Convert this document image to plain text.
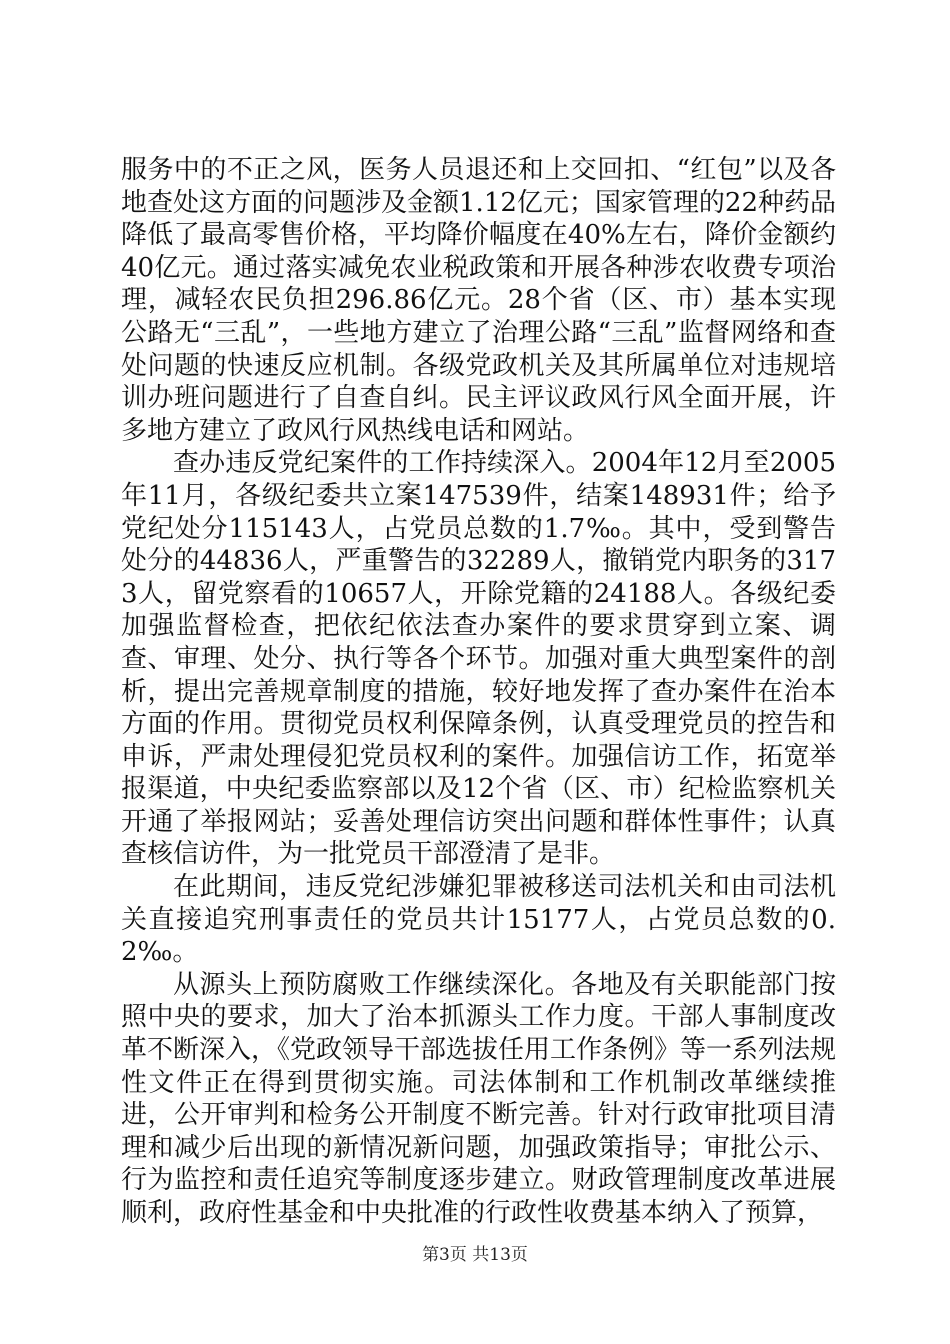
服务中的不正之风，医务人员退还和上交回扣、“红包”以及各地查处这方面的问题涉及金额1.12亿元；国家管理的22种药品降低了最高零售价格，平均降价幅度在40%左右，降价金额约40亿元。通过落实减免农业税政策和开展各种涉农收费专项治理，减轻农民负担296.86亿元。28个省（区、市）基本实现公路无“三乱”，一些地方建立了治理公路“三乱”监督网络和查处问题的快速反应机制。各级党政机关及其所属单位对违规培训办班问题进行了自查自纠。民主评议政风行风全面开展，许多地方建立了政风行风热线电话和网站。

查办违反党纪案件的工作持续深入。2004年12月至2005年11月，各级纪委共立案147539件，结案148931件；给予党纪处分115143人，占党员总数的1.7‰。其中，受到警告处分的44836人，严重警告的32289人，撤销党内职务的3173人，留党察看的10657人，开除党籍的24188人。各级纪委加强监督检查，把依纪依法查办案件的要求贯穿到立案、调查、审理、处分、执行等各个环节。加强对重大典型案件的剖析，提出完善规章制度的措施，较好地发挥了查办案件在治本方面的作用。贯彻党员权利保障条例，认真受理党员的控告和申诉，严肃处理侵犯党员权利的案件。加强信访工作，拓宽举报渠道，中央纪委监察部以及12个省（区、市）纪检监察机关开通了举报网站；妥善处理信访突出问题和群体性事件；认真查核信访件，为一批党员干部澄清了是非。

在此期间，违反党纪涉嫌犯罪被移送司法机关和由司法机关直接追究刑事责任的党员共计15177人，占党员总数的0.2‰。

从源头上预防腐败工作继续深化。各地及有关职能部门按照中央的要求，加大了治本抓源头工作力度。干部人事制度改革不断深入，《党政领导干部选拔任用工作条例》等一系列法规性文件正在得到贯彻实施。司法体制和工作机制改革继续推进，公开审判和检务公开制度不断完善。针对行政审批项目清理和减少后出现的新情况新问题，加强政策指导；审批公示、行为监控和责任追究等制度逐步建立。财政管理制度改革进展顺利，政府性基金和中央批准的行政性收费基本纳入了预算，

第3页 共13页
